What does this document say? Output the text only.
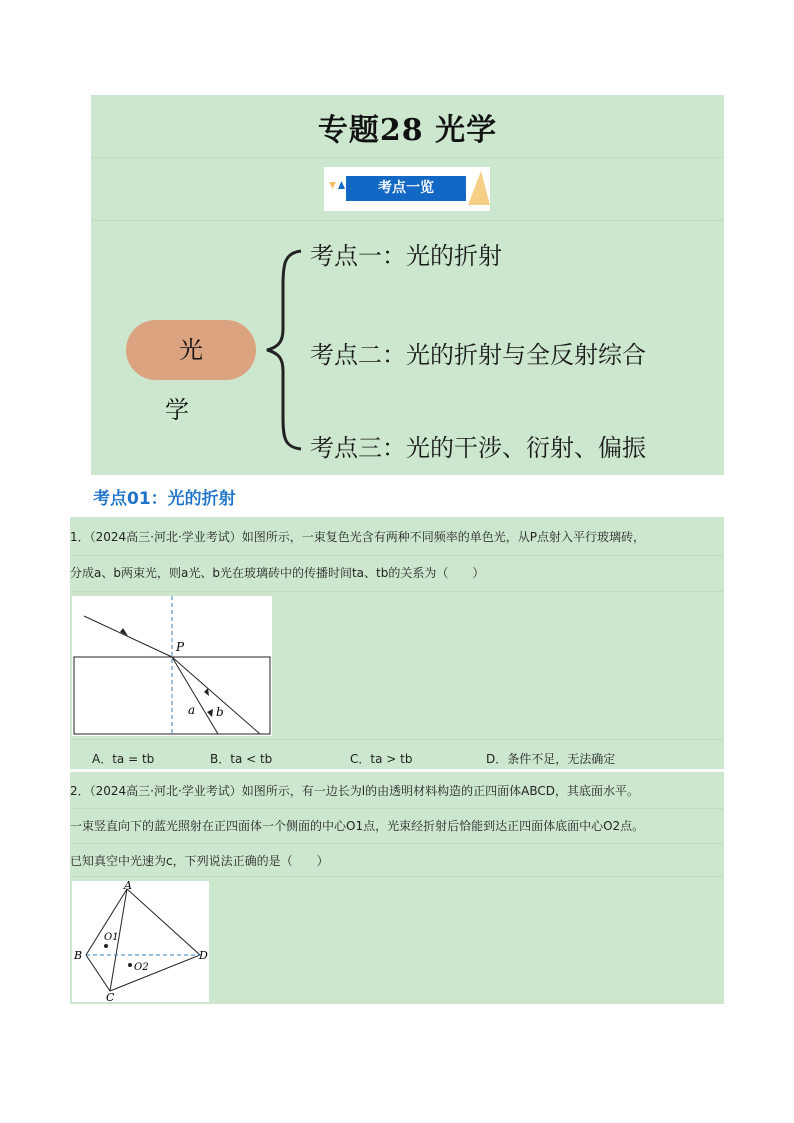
专题28 光学
考点一览
光 学
考点一：光的折射
考点二：光的折射与全反射综合
考点三：光的干涉、衍射、偏振
考点01：光的折射
1．（2024高三·河北·学业考试）如图所示，一束复色光含有两种不同频率的单色光，从P点射入平行玻璃砖，
分成a、b两束光，则a光、b光在玻璃砖中的传播时间ta、tb的关系为（　　）
P
a b
A．ta = tb	B．ta < tb	C．ta > tb	D．条件不足，无法确定
2．（2024高三·河北·学业考试）如图所示，有一边长为l的由透明材料构造的正四面体ABCD，其底面水平。
一束竖直向下的蓝光照射在正四面体一个侧面的中心O1点，光束经折射后恰能到达正四面体底面中心O2点。
已知真空中光速为c，下列说法正确的是（　　）
A
B
C
D
O1
O2
